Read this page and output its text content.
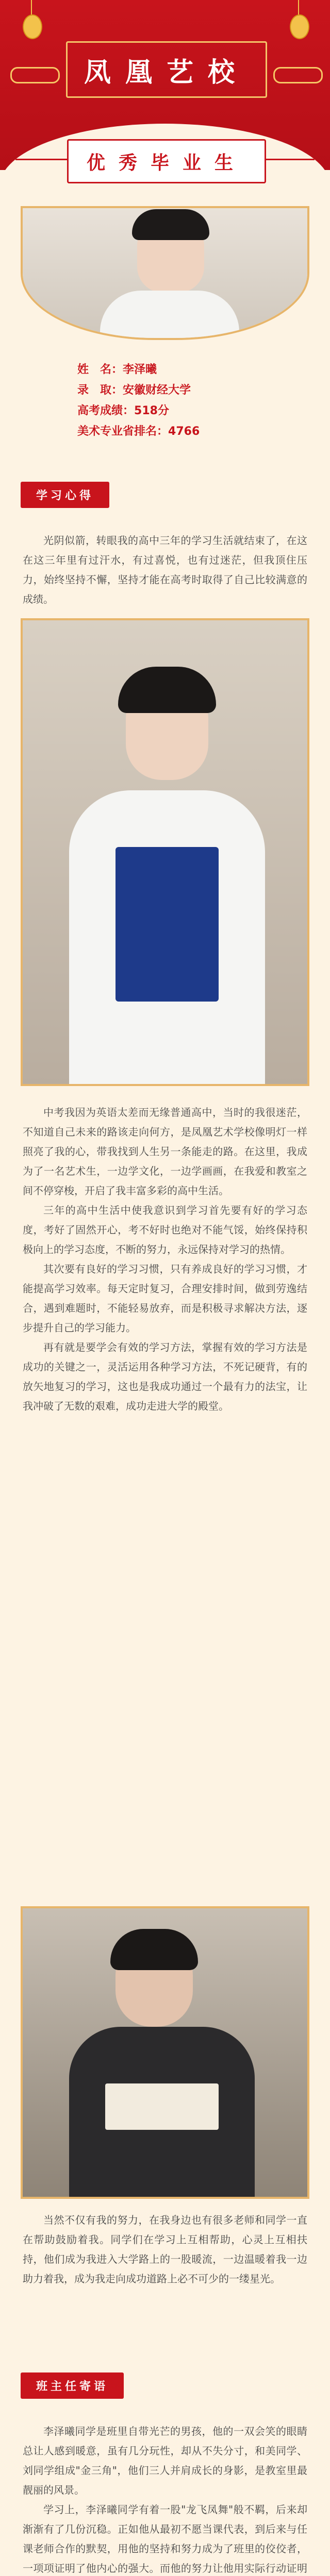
凤凰艺校
优秀毕业生
姓　名：李泽曦
录　取：安徽财经大学
高考成绩：518分
美术专业省排名：4766
学习心得

光阴似箭，转眼我的高中三年的学习生活就结束了，在这在这三年里有过汗水，有过喜悦，也有过迷茫，但我顶住压力，始终坚持不懈，坚持才能在高考时取得了自己比较满意的成绩。

中考我因为英语太差而无缘普通高中，当时的我很迷茫，不知道自己未来的路该走向何方，是凤凰艺术学校像明灯一样照亮了我的心，带我找到人生另一条能走的路。在这里，我成为了一名艺术生，一边学文化，一边学画画，在我爱和教室之间不停穿梭，开启了我丰富多彩的高中生活。

三年的高中生活中使我意识到学习首先要有好的学习态度，考好了固然开心，考不好时也绝对不能气馁，始终保持积极向上的学习态度，不断的努力，永远保持对学习的热情。

其次要有良好的学习习惯，只有养成良好的学习习惯，才能提高学习效率。每天定时复习，合理安排时间，做到劳逸结合，遇到难题时，不能轻易放弃，而是积极寻求解决方法，逐步提升自己的学习能力。

再有就是要学会有效的学习方法，掌握有效的学习方法是成功的关键之一，灵活运用各种学习方法，不死记硬背，有的放矢地复习的学习，这也是我成功通过一个最有力的法宝，让我冲破了无数的艰难，成功走进大学的殿堂。

当然不仅有我的努力，在我身边也有很多老师和同学一直在帮助鼓励着我。同学们在学习上互相帮助，心灵上互相扶持，他们成为我进入大学路上的一股暖流，一边温暖着我一边助力着我，成为我走向成功道路上必不可少的一缕星光。

班主任寄语

李泽曦同学是班里自带光芒的男孩，他的一双会笑的眼睛总让人感到暖意，虽有几分玩性，却从不失分寸，和美同学、刘同学组成"金三角"，他们三人并肩成长的身影，是教室里最靓丽的风景。

学习上，李泽曦同学有着一股"龙飞凤舞"般不羁，后来却渐渐有了几份沉稳。正如他从最初不愿当课代表，到后来与任课老师合作的默契，用他的坚持和努力成为了班里的佼佼者，一项项证明了他内心的强大。而他的努力让他用实际行动证明
